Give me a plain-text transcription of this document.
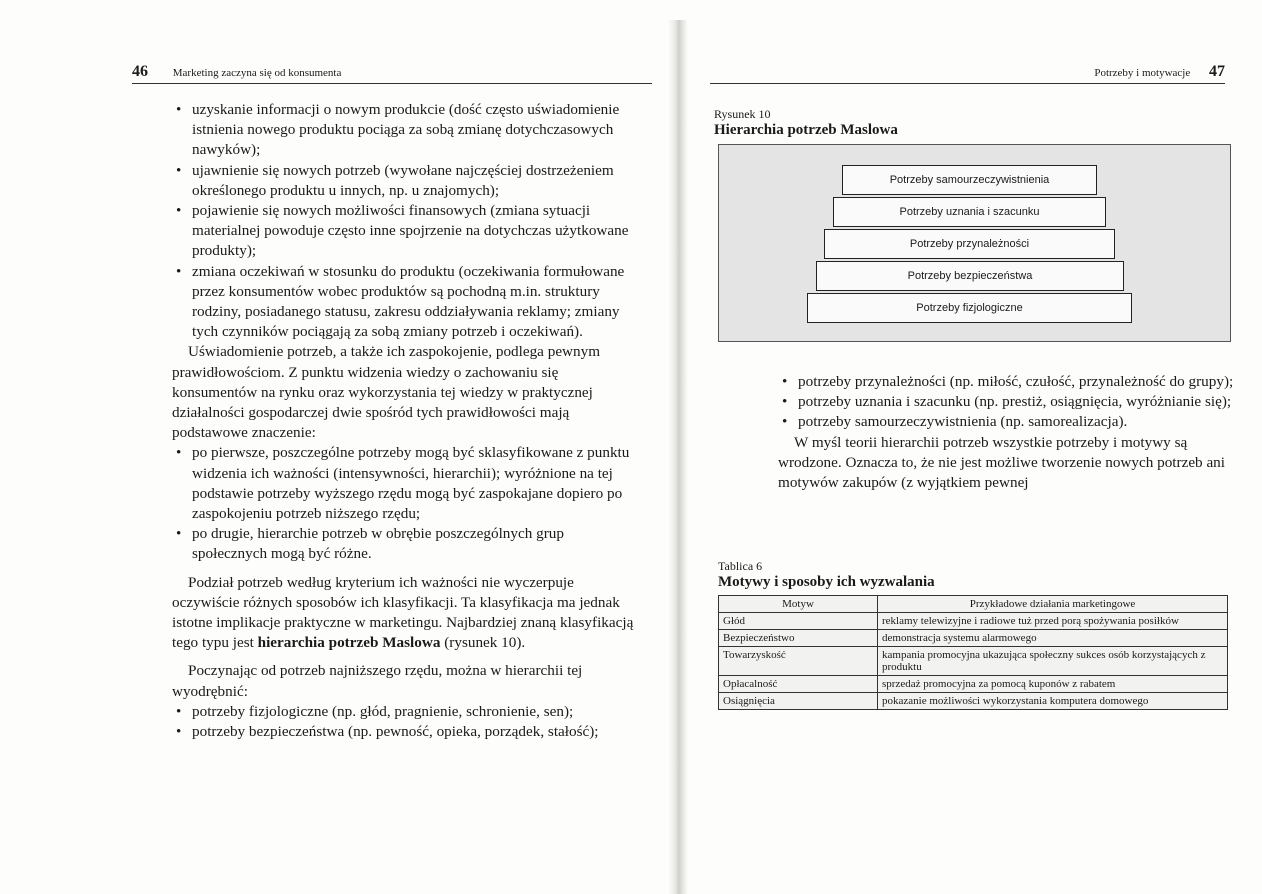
46 Marketing zaczyna się od konsumenta
• uzyskanie informacji o nowym produkcie (dość często uświadomienie istnienia nowego produktu pociąga za sobą zmianę dotychczasowych nawyków);
• ujawnienie się nowych potrzeb (wywołane najczęściej dostrzeżeniem określonego produktu u innych, np. u znajomych);
• pojawienie się nowych możliwości finansowych (zmiana sytuacji materialnej powoduje często inne spojrzenie na dotychczas użytkowane produkty);
• zmiana oczekiwań w stosunku do produktu (oczekiwania formułowane przez konsumentów wobec produktów są pochodną m.in. struktury rodziny, posiadanego statusu, zakresu oddziaływania reklamy; zmiany tych czynników pociągają za sobą zmiany potrzeb i oczekiwań).

Uświadomienie potrzeb, a także ich zaspokojenie, podlega pewnym prawidłowościom. Z punktu widzenia wiedzy o zachowaniu się konsumentów na rynku oraz wykorzystania tej wiedzy w praktycznej działalności gospodarczej dwie spośród tych prawidłowości mają podstawowe znaczenie:

• po pierwsze, poszczególne potrzeby mogą być sklasyfikowane z punktu widzenia ich ważności (intensywności, hierarchii); wyróżnione na tej podstawie potrzeby wyższego rzędu mogą być zaspokajane dopiero po zaspokojeniu potrzeb niższego rzędu;
• po drugie, hierarchie potrzeb w obrębie poszczególnych grup społecznych mogą być różne.

Podział potrzeb według kryterium ich ważności nie wyczerpuje oczywiście różnych sposobów ich klasyfikacji. Ta klasyfikacja ma jednak istotne implikacje praktyczne w marketingu. Najbardziej znaną klasyfikacją tego typu jest hierarchia potrzeb Maslowa (rysunek 10).

Poczynając od potrzeb najniższego rzędu, można w hierarchii tej wyodrębnić:

• potrzeby fizjologiczne (np. głód, pragnienie, schronienie, sen);
• potrzeby bezpieczeństwa (np. pewność, opieka, porządek, stałość);
Potrzeby i motywacje 47
Rysunek 10
Hierarchia potrzeb Maslowa
• potrzeby przynależności (np. miłość, czułość, przynależność do grupy);
• potrzeby uznania i szacunku (np. prestiż, osiągnięcia, wyróżnianie się);
• potrzeby samourzeczywistnienia (np. samorealizacja).

W myśl teorii hierarchii potrzeb wszystkie potrzeby i motywy są wrodzone. Oznacza to, że nie jest możliwe tworzenie nowych potrzeb ani motywów zakupów (z wyjątkiem pewnej

Tablica 6
Motywy i sposoby ich wyzwalania
Potrzeby samourzeczywistnienia
Potrzeby uznania i szacunku
Potrzeby przynależności
Potrzeby bezpieczeństwa
Potrzeby fizjologiczne
Motyw	Przykładowe działania marketingowe
Głód	reklamy telewizyjne i radiowe tuż przed porą spożywania posiłków
Bezpieczeństwo	demonstracja systemu alarmowego
Towarzyskość	kampania promocyjna ukazująca społeczny sukces osób korzystających z produktu
Opłacalność	sprzedaż promocyjna za pomocą kuponów z rabatem
Osiągnięcia	pokazanie możliwości wykorzystania komputera domowego
